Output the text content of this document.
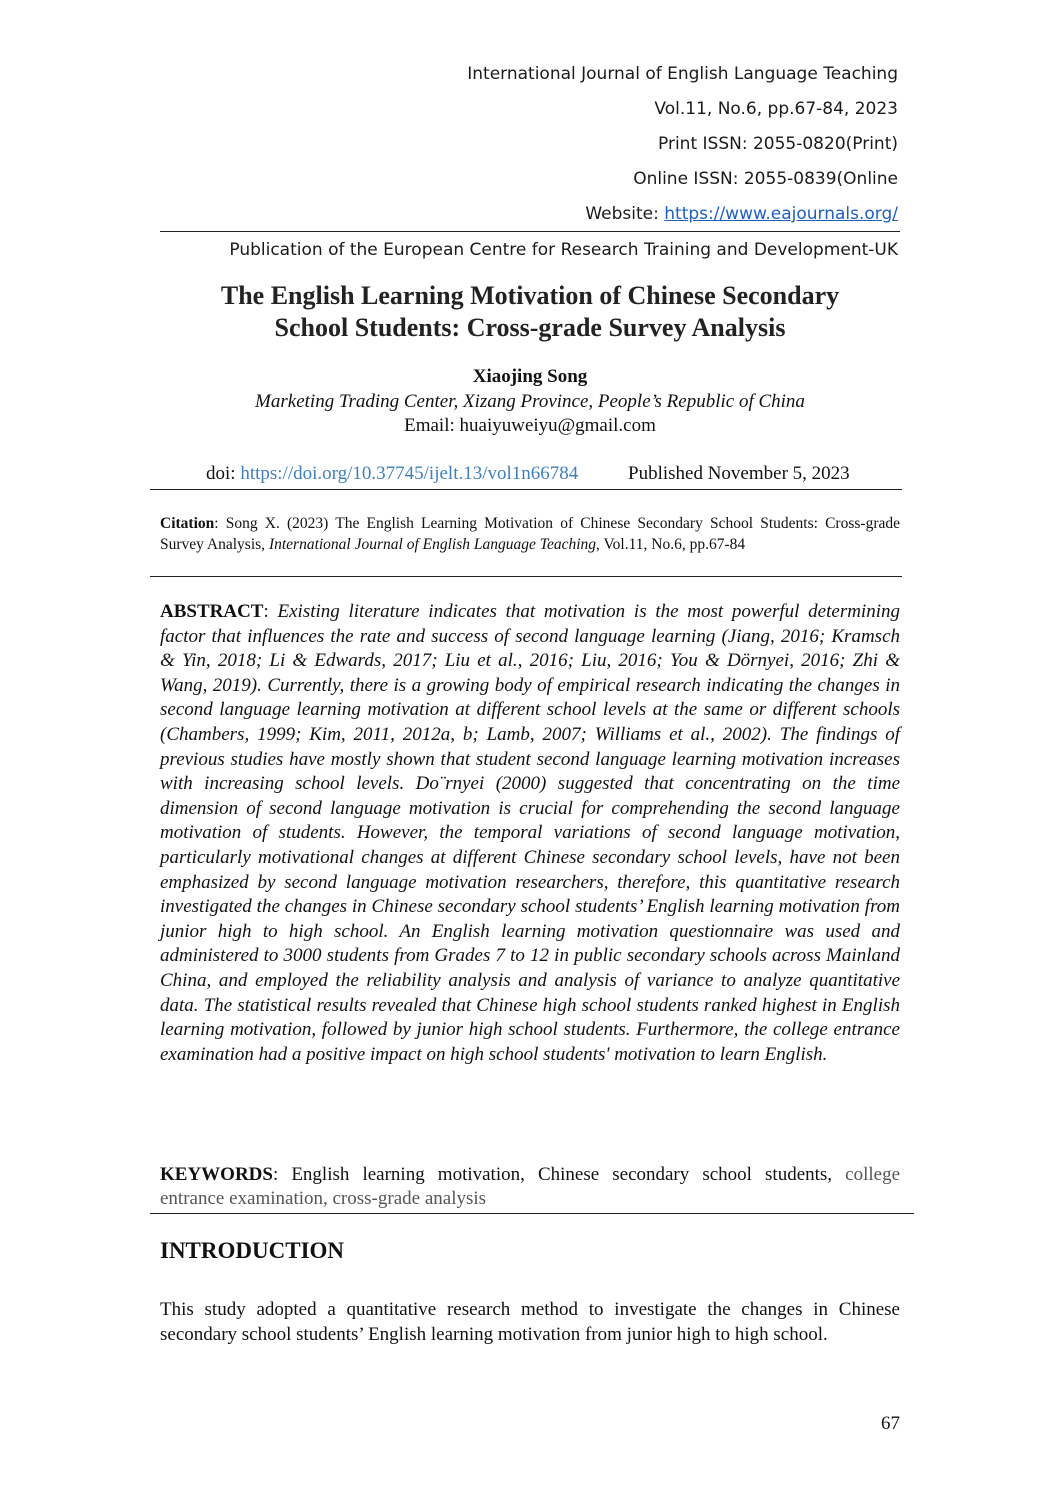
International Journal of English Language Teaching
Vol.11, No.6, pp.67-84, 2023
Print ISSN: 2055-0820(Print)
Online ISSN: 2055-0839(Online
Website: https://www.eajournals.org/
Publication of the European Centre for Research Training and Development-UK
The English Learning Motivation of Chinese Secondary
School Students: Cross-grade Survey Analysis
Xiaojing Song
Marketing Trading Center, Xizang Province, People’s Republic of China
Email: huaiyuweiyu@gmail.com
doi: https://doi.org/10.37745/ijelt.13/vol1n66784	Published November 5, 2023
Citation: Song X. (2023) The English Learning Motivation of Chinese Secondary School Students: Cross-grade Survey Analysis, International Journal of English Language Teaching, Vol.11, No.6, pp.67-84
ABSTRACT: Existing literature indicates that motivation is the most powerful determining factor that influences the rate and success of second language learning (Jiang, 2016; Kramsch & Yin, 2018; Li & Edwards, 2017; Liu et al., 2016; Liu, 2016; You & Dörnyei, 2016; Zhi & Wang, 2019). Currently, there is a growing body of empirical research indicating the changes in second language learning motivation at different school levels at the same or different schools (Chambers, 1999; Kim, 2011, 2012a, b; Lamb, 2007; Williams et al., 2002). The findings of previous studies have mostly shown that student second language learning motivation increases with increasing school levels. Do¨rnyei (2000) suggested that concentrating on the time dimension of second language motivation is crucial for comprehending the second language motivation of students. However, the temporal variations of second language motivation, particularly motivational changes at different Chinese secondary school levels, have not been emphasized by second language motivation researchers, therefore, this quantitative research investigated the changes in Chinese secondary school students’ English learning motivation from junior high to high school. An English learning motivation questionnaire was used and administered to 3000 students from Grades 7 to 12 in public secondary schools across Mainland China, and employed the reliability analysis and analysis of variance to analyze quantitative data. The statistical results revealed that Chinese high school students ranked highest in English learning motivation, followed by junior high school students. Furthermore, the college entrance examination had a positive impact on high school students' motivation to learn English.
KEYWORDS: English learning motivation, Chinese secondary school students, college entrance examination, cross-grade analysis
INTRODUCTION
This study adopted a quantitative research method to investigate the changes in Chinese secondary school students’ English learning motivation from junior high to high school.
67
